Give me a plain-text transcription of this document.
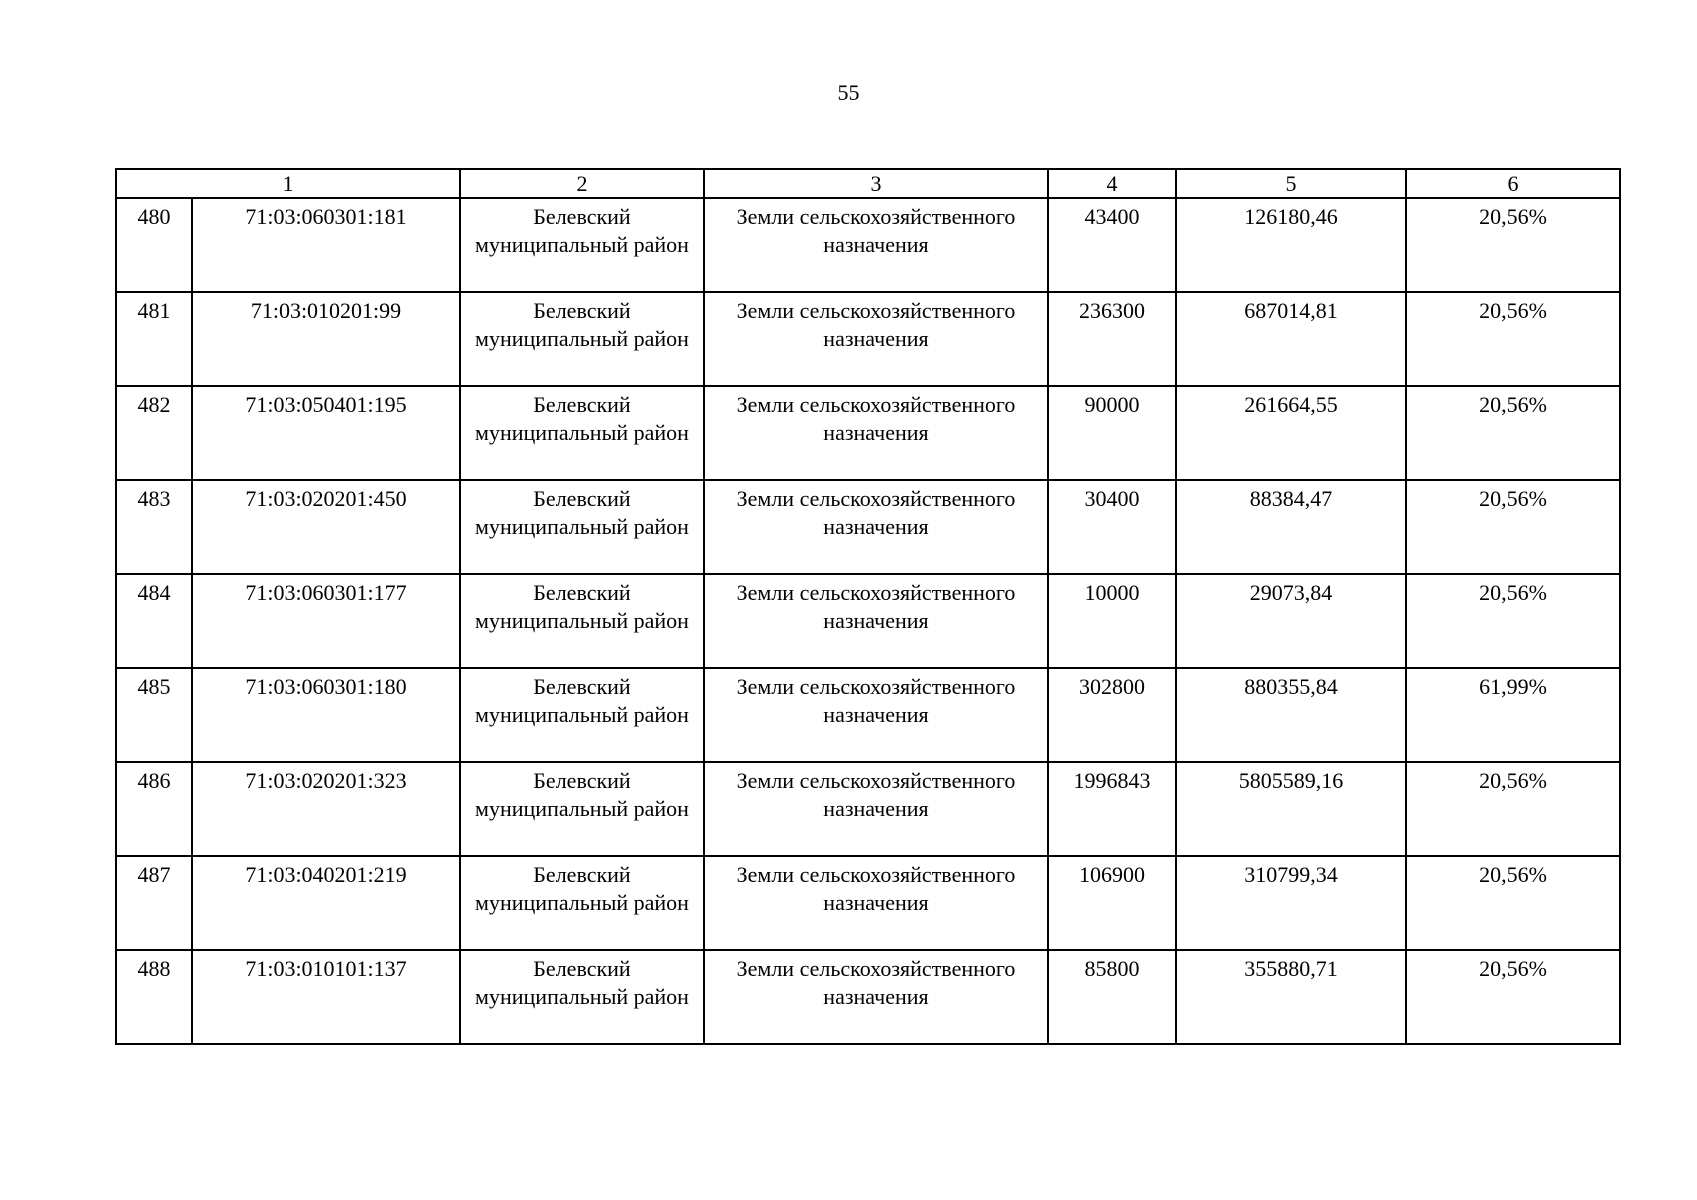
55
1		2	3	4	5	6
480	71:03:060301:181	Белевский муниципальный район	Земли сельскохозяйственного назначения	43400	126180,46	20,56%
481	71:03:010201:99	Белевский муниципальный район	Земли сельскохозяйственного назначения	236300	687014,81	20,56%
482	71:03:050401:195	Белевский муниципальный район	Земли сельскохозяйственного назначения	90000	261664,55	20,56%
483	71:03:020201:450	Белевский муниципальный район	Земли сельскохозяйственного назначения	30400	88384,47	20,56%
484	71:03:060301:177	Белевский муниципальный район	Земли сельскохозяйственного назначения	10000	29073,84	20,56%
485	71:03:060301:180	Белевский муниципальный район	Земли сельскохозяйственного назначения	302800	880355,84	61,99%
486	71:03:020201:323	Белевский муниципальный район	Земли сельскохозяйственного назначения	1996843	5805589,16	20,56%
487	71:03:040201:219	Белевский муниципальный район	Земли сельскохозяйственного назначения	106900	310799,34	20,56%
488	71:03:010101:137	Белевский муниципальный район	Земли сельскохозяйственного назначения	85800	355880,71	20,56%
